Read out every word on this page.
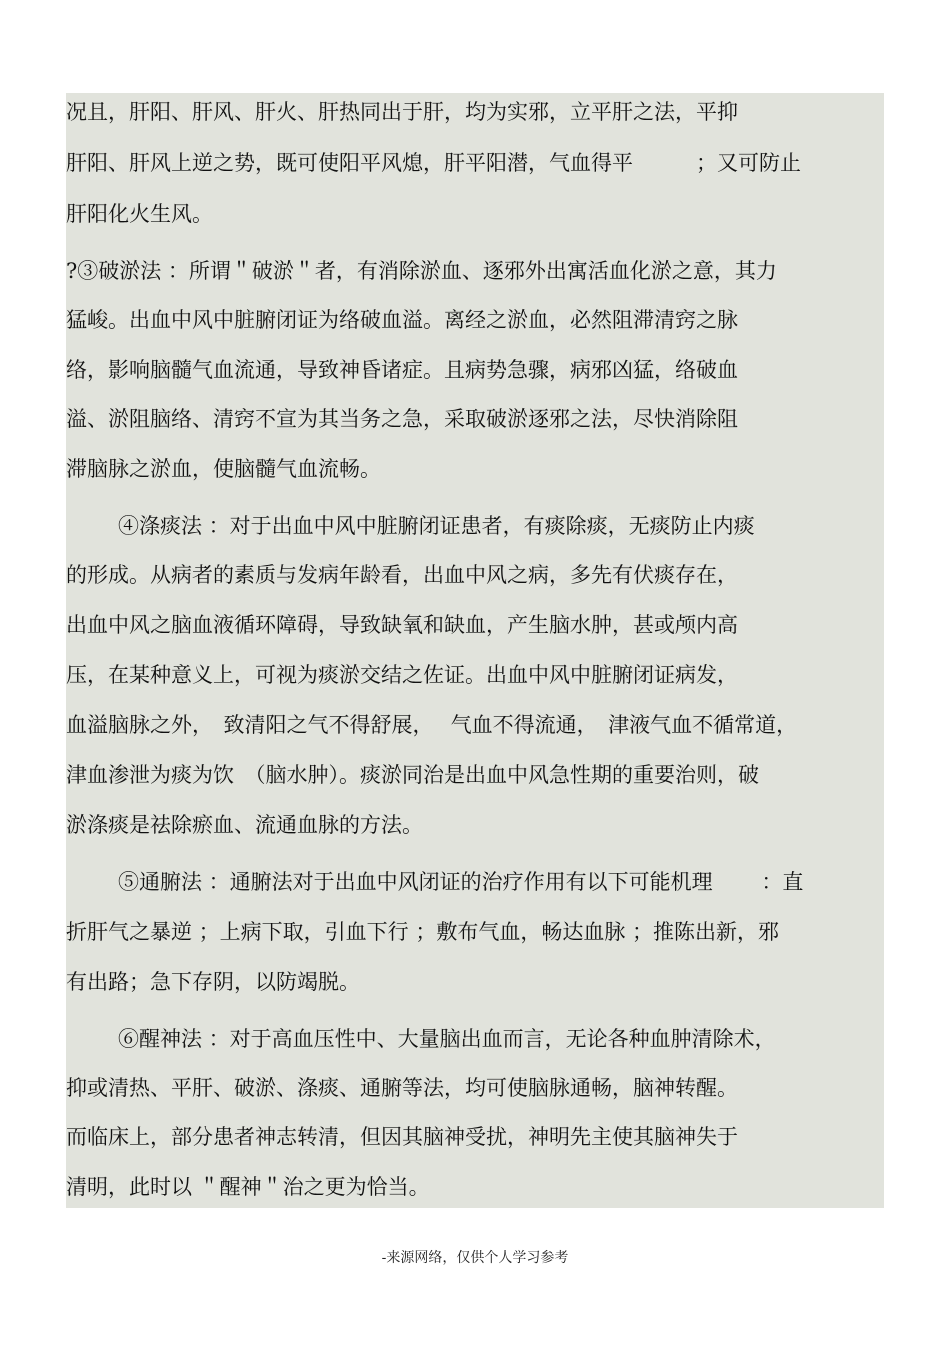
况且，肝阳、肝风、肝火、肝热同出于肝，均为实邪，立平肝之法，平抑
肝阳、肝风上逆之势，既可使阳平风熄，肝平阳潜，气血得平　　　；又可防止
肝阳化火生风。
?③破淤法 ：所谓＂破淤＂者，有消除淤血、逐邪外出寓活血化淤之意，其力
猛峻。出血中风中脏腑闭证为络破血溢。离经之淤血，必然阻滞清窍之脉
络，影响脑髓气血流通，导致神昏诸症。且病势急骤，病邪凶猛，络破血
溢、淤阻脑络、清窍不宣为其当务之急，采取破淤逐邪之法，尽快消除阻
滞脑脉之淤血，使脑髓气血流畅。
④涤痰法 ：对于出血中风中脏腑闭证患者，有痰除痰，无痰防止内痰
的形成。从病者的素质与发病年龄看，出血中风之病，多先有伏痰存在，
出血中风之脑血液循环障碍，导致缺氧和缺血，产生脑水肿，甚或颅内高
压，在某种意义上，可视为痰淤交结之佐证。出血中风中脏腑闭证病发，
血溢脑脉之外，　致清阳之气不得舒展，　 气血不得流通，　津液气血不循常道，
津血渗泄为痰为饮　（脑水肿）。痰淤同治是出血中风急性期的重要治则，破
淤涤痰是祛除瘀血、流通血脉的方法。
⑤通腑法 ：通腑法对于出血中风闭证的治疗作用有以下可能机理　　 ：直
折肝气之暴逆 ；上病下取，引血下行 ；敷布气血，畅达血脉 ；推陈出新，邪
有出路；急下存阴，以防竭脱。
⑥醒神法 ：对于高血压性中、大量脑出血而言，无论各种血肿清除术，
抑或清热、平肝、破淤、涤痰、通腑等法，均可使脑脉通畅，脑神转醒。
而临床上，部分患者神志转清，但因其脑神受扰，神明先主使其脑神失于
清明，此时以 ＂醒神＂治之更为恰当。
-来源网络，仅供个人学习参考
